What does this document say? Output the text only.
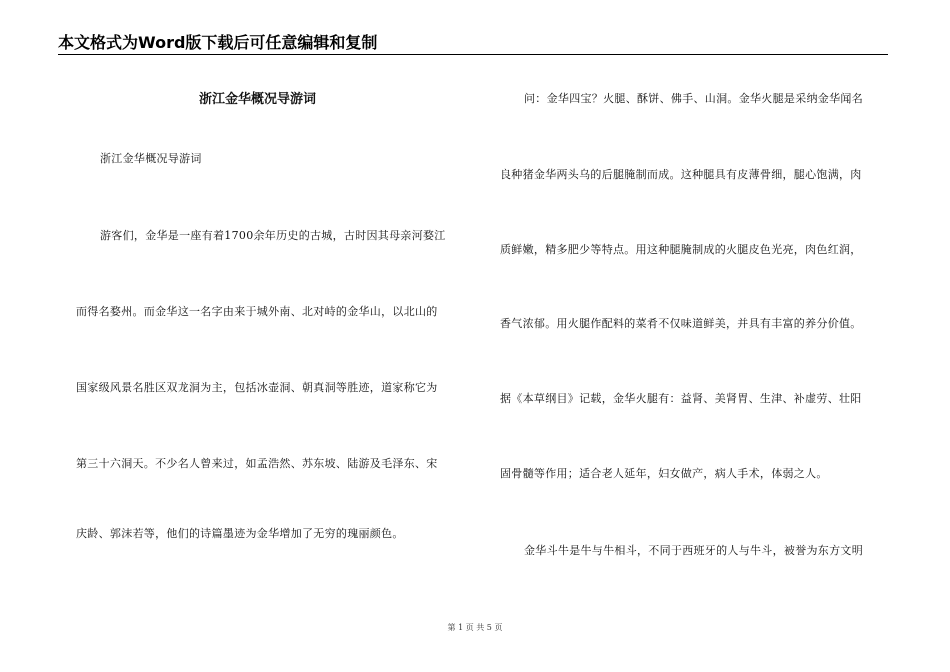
本文格式为Word版下载后可任意编辑和复制
浙江金华概况导游词
浙江金华概况导游词
游客们，金华是一座有着1700余年历史的古城，古时因其母亲河婺江
而得名婺州。而金华这一名字由来于城外南、北对峙的金华山，以北山的
国家级风景名胜区双龙洞为主，包括冰壶洞、朝真洞等胜迹，道家称它为
第三十六洞天。不少名人曾来过，如孟浩然、苏东坡、陆游及毛泽东、宋
庆龄、郭沫若等，他们的诗篇墨迹为金华增加了无穷的瑰丽颜色。
问：金华四宝？火腿、酥饼、佛手、山洞。金华火腿是采纳金华闻名
良种猪金华两头乌的后腿腌制而成。这种腿具有皮薄骨细，腿心饱满，肉
质鲜嫩，精多肥少等特点。用这种腿腌制成的火腿皮色光亮，肉色红润，
香气浓郁。用火腿作配料的菜肴不仅味道鲜美，并具有丰富的养分价值。
据《本草纲目》记载，金华火腿有：益肾、美肾胃、生津、补虚劳、壮阳
固骨髓等作用；适合老人延年，妇女做产，病人手术，体弱之人。
金华斗牛是牛与牛相斗，不同于西班牙的人与牛斗，被誉为东方文明
第 1 页 共 5 页
